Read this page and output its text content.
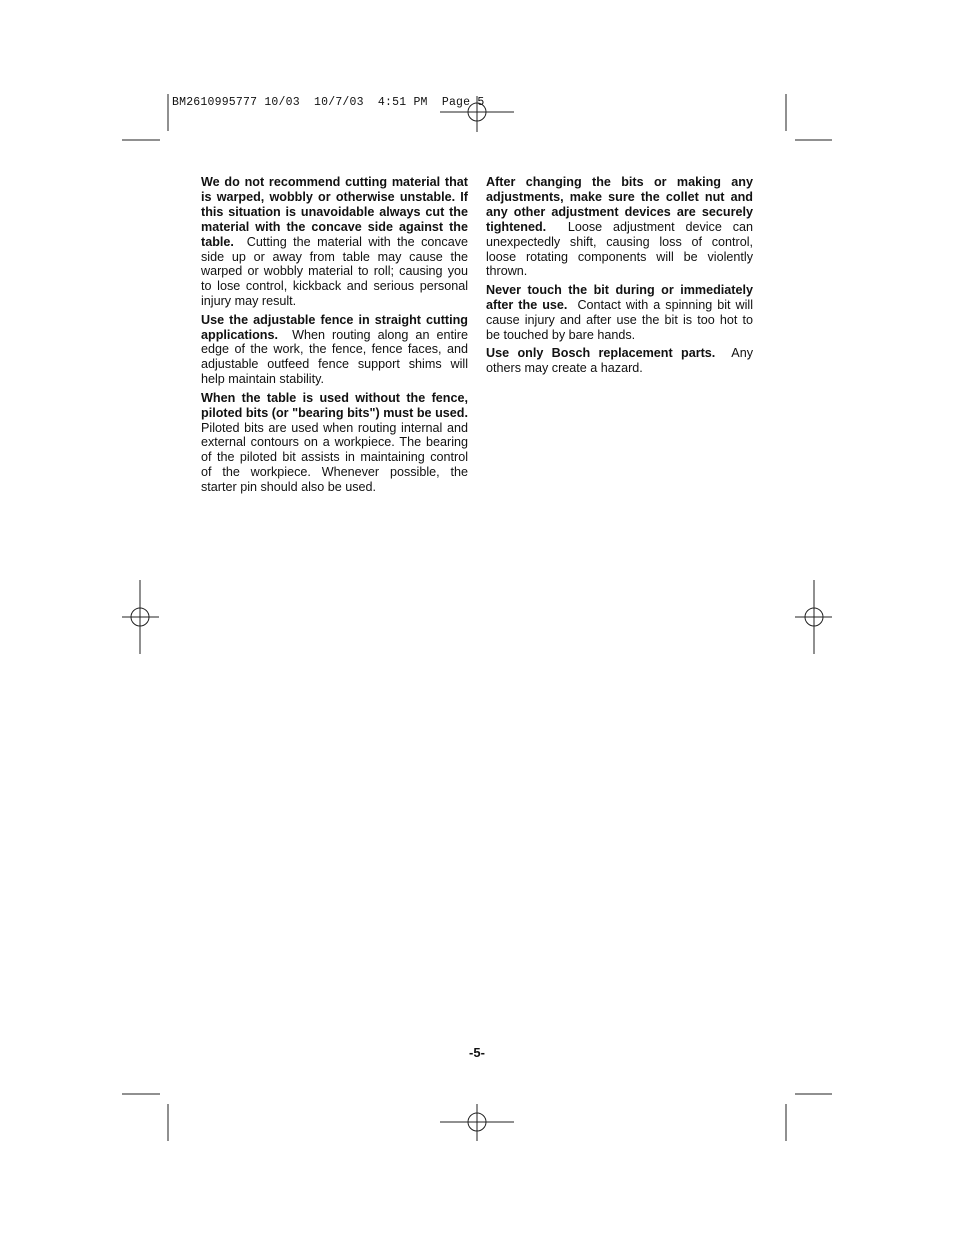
BM2610995777 10/03  10/7/03  4:51 PM  Page 5

We do not recommend cutting material that is warped, wobbly or otherwise unstable. If this situation is unavoidable always cut the material with the concave side against the table. Cutting the material with the concave side up or away from table may cause the warped or wobbly material to roll; causing you to lose control, kickback and serious personal injury may result.

Use the adjustable fence in straight cutting applications. When routing along an entire edge of the work, the fence, fence faces, and adjustable outfeed fence support shims will help maintain stability.

When the table is used without the fence, piloted bits (or "bearing bits") must be used. Piloted bits are used when routing internal and external contours on a workpiece. The bearing of the piloted bit assists in maintaining control of the workpiece. Whenever possible, the starter pin should also be used.

After changing the bits or making any adjustments, make sure the collet nut and any other adjustment devices are securely tightened. Loose adjustment device can unexpectedly shift, causing loss of control, loose rotating components will be violently thrown.

Never touch the bit during or immediately after the use. Contact with a spinning bit will cause injury and after use the bit is too hot to be touched by bare hands.

Use only Bosch replacement parts. Any others may create a hazard.

-5-
